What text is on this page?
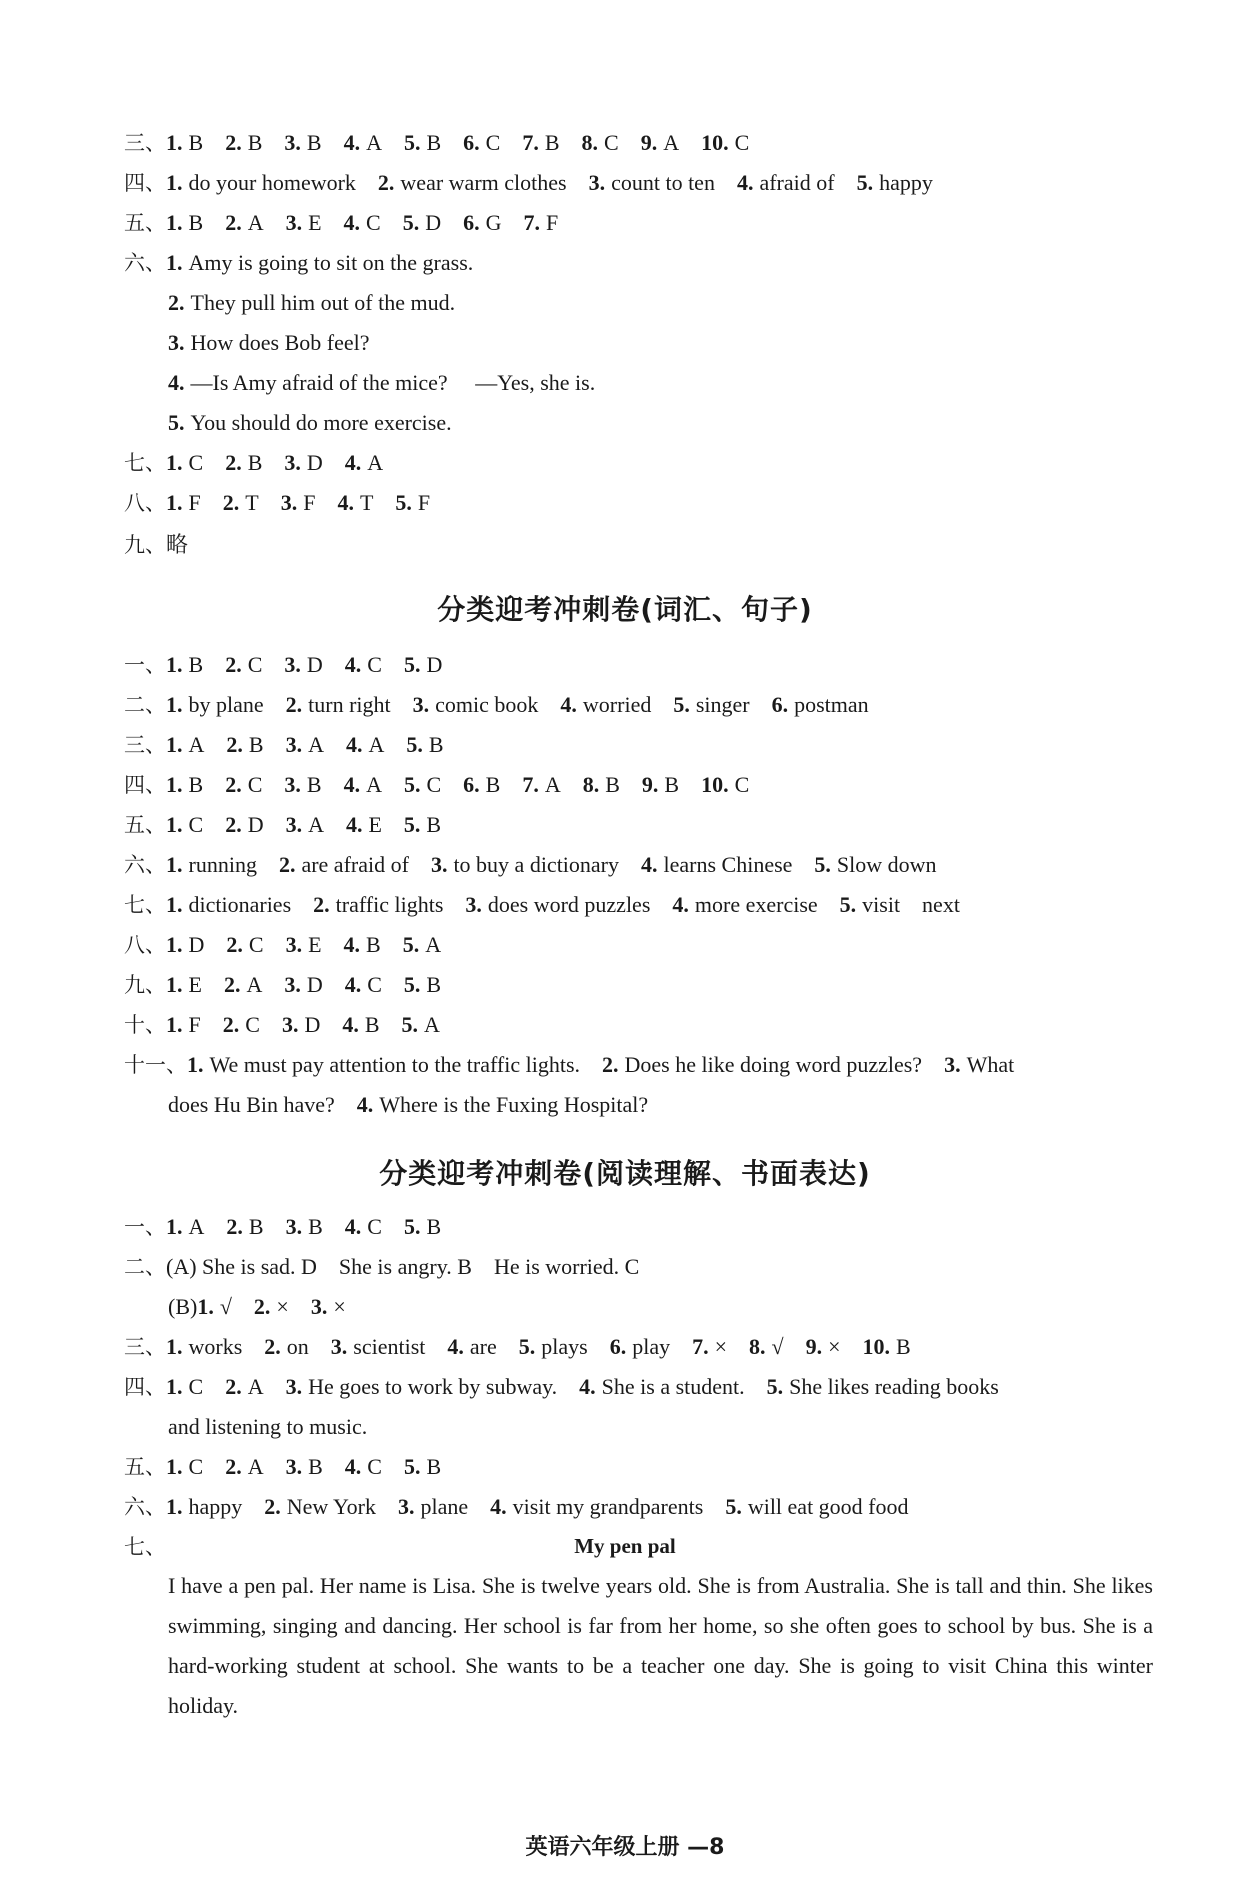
分类迎考冲刺卷(词汇、句子)
分类迎考冲刺卷(阅读理解、书面表达)
三、1. B 2. B 3. B 4. A 5. B 6. C 7. B 8. C 9. A 10. C
四、1. do your homework 2. wear warm clothes 3. count to ten 4. afraid of 5. happy
五、1. B 2. A 3. E 4. C 5. D 6. G 7. F
六、1. Amy is going to sit on the grass.
2. They pull him out of the mud.
3. How does Bob feel?
4. —Is Amy afraid of the mice?　 —Yes, she is.
5. You should do more exercise.
七、1. C 2. B 3. D 4. A
八、1. F 2. T 3. F 4. T 5. F
九、略
一、1. B 2. C 3. D 4. C 5. D
二、1. by plane 2. turn right 3. comic book 4. worried 5. singer 6. postman
三、1. A 2. B 3. A 4. A 5. B
四、1. B 2. C 3. B 4. A 5. C 6. B 7. A 8. B 9. B 10. C
五、1. C 2. D 3. A 4. E 5. B
六、1. running 2. are afraid of 3. to buy a dictionary 4. learns Chinese 5. Slow down
七、1. dictionaries 2. traffic lights 3. does word puzzles 4. more exercise 5. visit　next
八、1. D 2. C 3. E 4. B 5. A
九、1. E 2. A 3. D 4. C 5. B
十、1. F 2. C 3. D 4. B 5. A
十一、1. We must pay attention to the traffic lights. 2. Does he like doing word puzzles? 3. What
does Hu Bin have? 4. Where is the Fuxing Hospital?
一、1. A 2. B 3. B 4. C 5. B
二、(A) She is sad. D　She is angry. B　He is worried. C
(B)1. √ 2. × 3. ×
三、1. works 2. on 3. scientist 4. are 5. plays 6. play 7. × 8. √ 9. × 10. B
四、1. C 2. A 3. He goes to work by subway. 4. She is a student. 5. She likes reading books
and listening to music.
五、1. C 2. A 3. B 4. C 5. B
六、1. happy 2. New York 3. plane 4. visit my grandparents 5. will eat good food
七、	My pen pal
I have a pen pal. Her name is Lisa. She is twelve years old. She is from Australia. She is tall and thin. She likes swimming, singing and dancing. Her school is far from her home, so she often goes to school by bus. She is a hard-working student at school. She wants to be a teacher one day. She is going to visit China this winter holiday.
英语六年级上册 —8
